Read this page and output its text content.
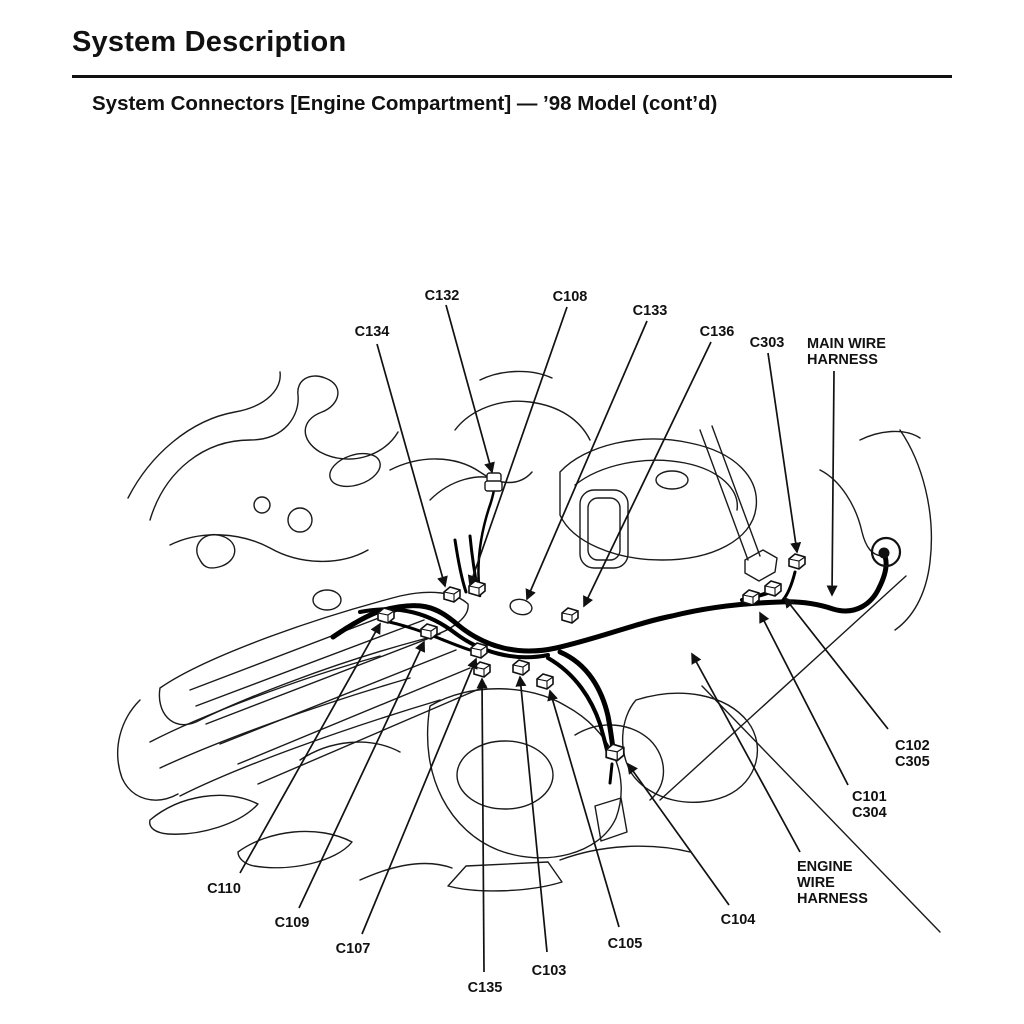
System Description
System Connectors [Engine Compartment] — ’98 Model (cont’d)
C132	C108
C133
C136
C303
C134
C110
C109
C107
C135
C103
C105
C104
MAIN WIRE
HARNESS
C102
C305
C101
C304
ENGINE
WIRE
HARNESS
